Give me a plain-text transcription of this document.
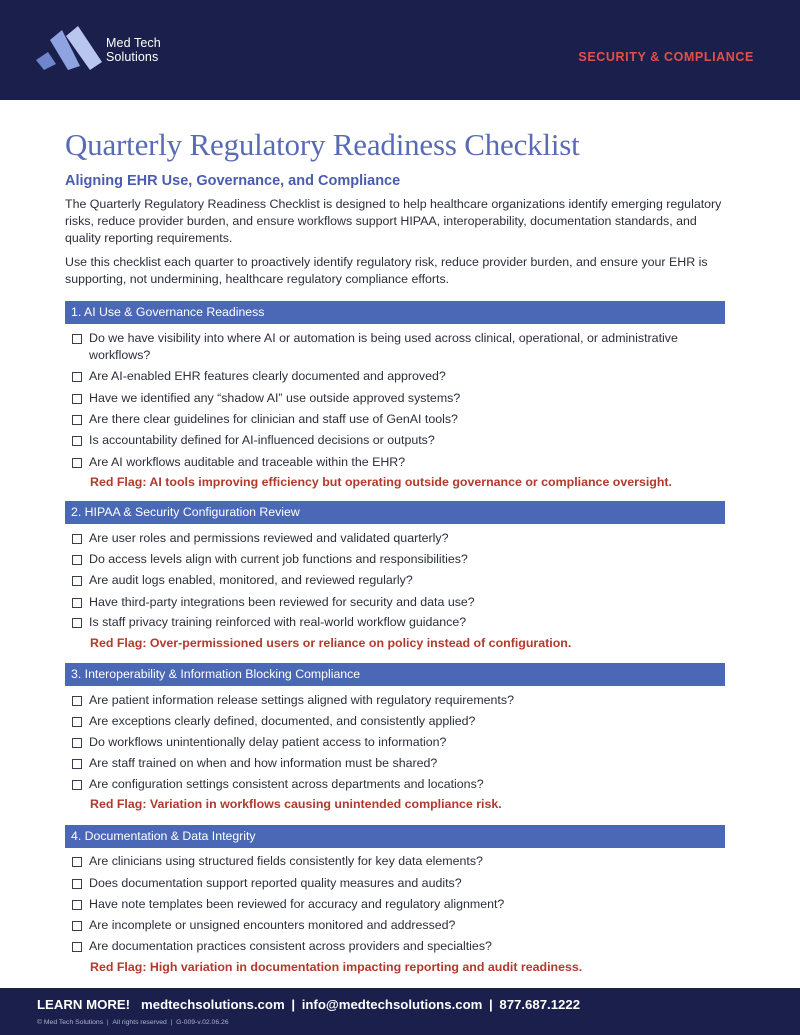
Med Tech
Solutions	SECURITY & COMPLIANCE
Quarterly Regulatory Readiness Checklist
Aligning EHR Use, Governance, and Compliance

The Quarterly Regulatory Readiness Checklist is designed to help healthcare organizations identify emerging regulatory risks, reduce provider burden, and ensure workflows support HIPAA, interoperability, documentation standards, and quality reporting requirements.

Use this checklist each quarter to proactively identify regulatory risk, reduce provider burden, and ensure your EHR is supporting, not undermining, healthcare regulatory compliance efforts.

1. AI Use & Governance Readiness
Do we have visibility into where AI or automation is being used across clinical, operational, or administrative workflows?
Are AI-enabled EHR features clearly documented and approved?
Have we identified any “shadow AI” use outside approved systems?
Are there clear guidelines for clinician and staff use of GenAI tools?
Is accountability defined for AI-influenced decisions or outputs?
Are AI workflows auditable and traceable within the EHR?
Red Flag: AI tools improving efficiency but operating outside governance or compliance oversight.
2. HIPAA & Security Configuration Review
Are user roles and permissions reviewed and validated quarterly?
Do access levels align with current job functions and responsibilities?
Are audit logs enabled, monitored, and reviewed regularly?
Have third-party integrations been reviewed for security and data use?
Is staff privacy training reinforced with real-world workflow guidance?
Red Flag: Over-permissioned users or reliance on policy instead of configuration.
3. Interoperability & Information Blocking Compliance
Are patient information release settings aligned with regulatory requirements?
Are exceptions clearly defined, documented, and consistently applied?
Do workflows unintentionally delay patient access to information?
Are staff trained on when and how information must be shared?
Are configuration settings consistent across departments and locations?
Red Flag: Variation in workflows causing unintended compliance risk.
4. Documentation & Data Integrity
Are clinicians using structured fields consistently for key data elements?
Does documentation support reported quality measures and audits?
Have note templates been reviewed for accuracy and regulatory alignment?
Are incomplete or unsigned encounters monitored and addressed?
Are documentation practices consistent across providers and specialties?
Red Flag: High variation in documentation impacting reporting and audit readiness.
LEARN MORE! medtechsolutions.com | info@medtechsolutions.com | 877.687.1222
© Med Tech Solutions  |  All rights reserved  |  G-009-v.02.06.26
